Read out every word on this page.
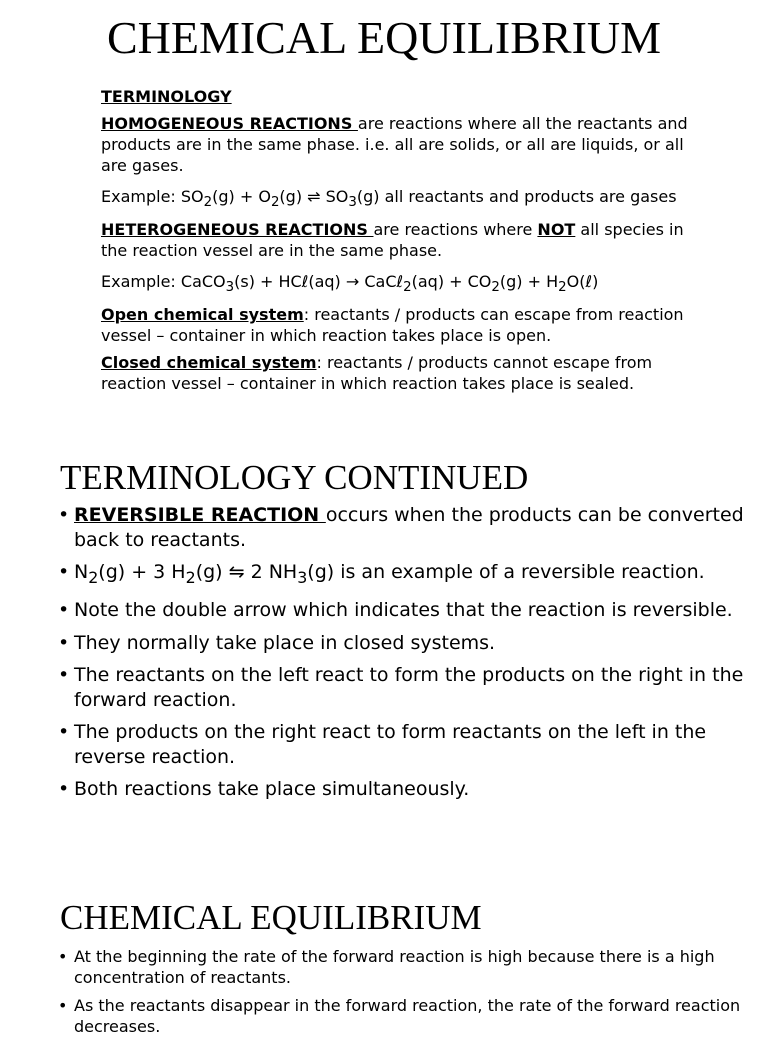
CHEMICAL EQUILIBRIUM

TERMINOLOGY

HOMOGENEOUS REACTIONS are reactions where all the reactants and products are in the same phase. i.e. all are solids, or all are liquids, or all are gases.

Example: $SO_2(g) + O_2(g)$ ⇌ $SO_3(g)$ all reactants and products are gases

HETEROGENEOUS REACTIONS are reactions where NOT all species in the reaction vessel are in the same phase.

Example: CaCO$_3$(s) + HCℓ(aq) → CaCℓ$_2$(aq) + $CO_2(g)$ + $H_2O(\ell)$

Open chemical system: reactants / products can escape from reaction vessel – container in which reaction takes place is open.

Closed chemical system: reactants / products cannot escape from reaction vessel – container in which reaction takes place is sealed.

TERMINOLOGY CONTINUED
• REVERSIBLE REACTION occurs when the products can be converted back to reactants.
• $N_2(g) + 3$ $H_2(g)$ ⇋ 2 $NH_3(g)$ is an example of a reversible reaction.
• Note the double arrow which indicates that the reaction is reversible.
• They normally take place in closed systems.
• The reactants on the left react to form the products on the right in the forward reaction.
• The products on the right react to form reactants on the left in the reverse reaction.
• Both reactions take place simultaneously.
CHEMICAL EQUILIBRIUM
• At the beginning the rate of the forward reaction is high because there is a high concentration of reactants.
• As the reactants disappear in the forward reaction, the rate of the forward reaction decreases.
